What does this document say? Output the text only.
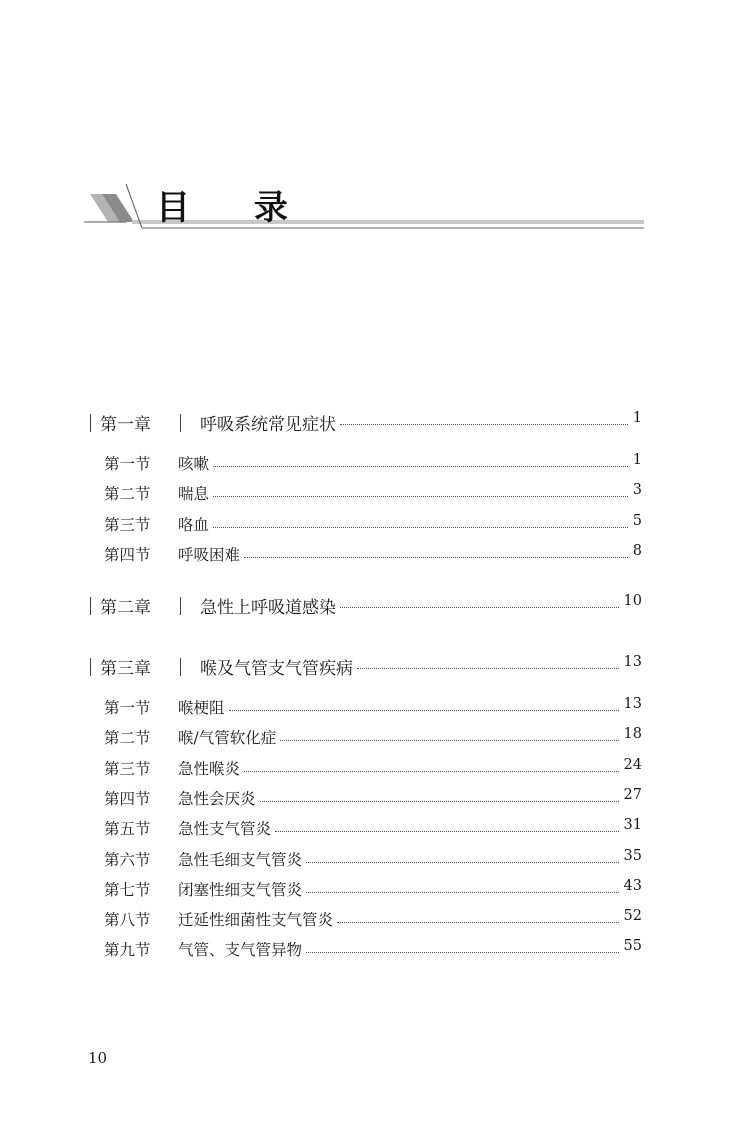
目 录
第一章	呼吸系统常见症状	1
第一节 咳嗽	1
第二节 喘息	3
第三节 咯血	5
第四节 呼吸困难	8
第二章	急性上呼吸道感染	10
第三章	喉及气管支气管疾病	13
第一节 喉梗阻	13
第二节 喉/气管软化症	18
第三节 急性喉炎	24
第四节 急性会厌炎	27
第五节 急性支气管炎	31
第六节 急性毛细支气管炎	35
第七节 闭塞性细支气管炎	43
第八节 迁延性细菌性支气管炎	52
第九节 气管、支气管异物	55
10
